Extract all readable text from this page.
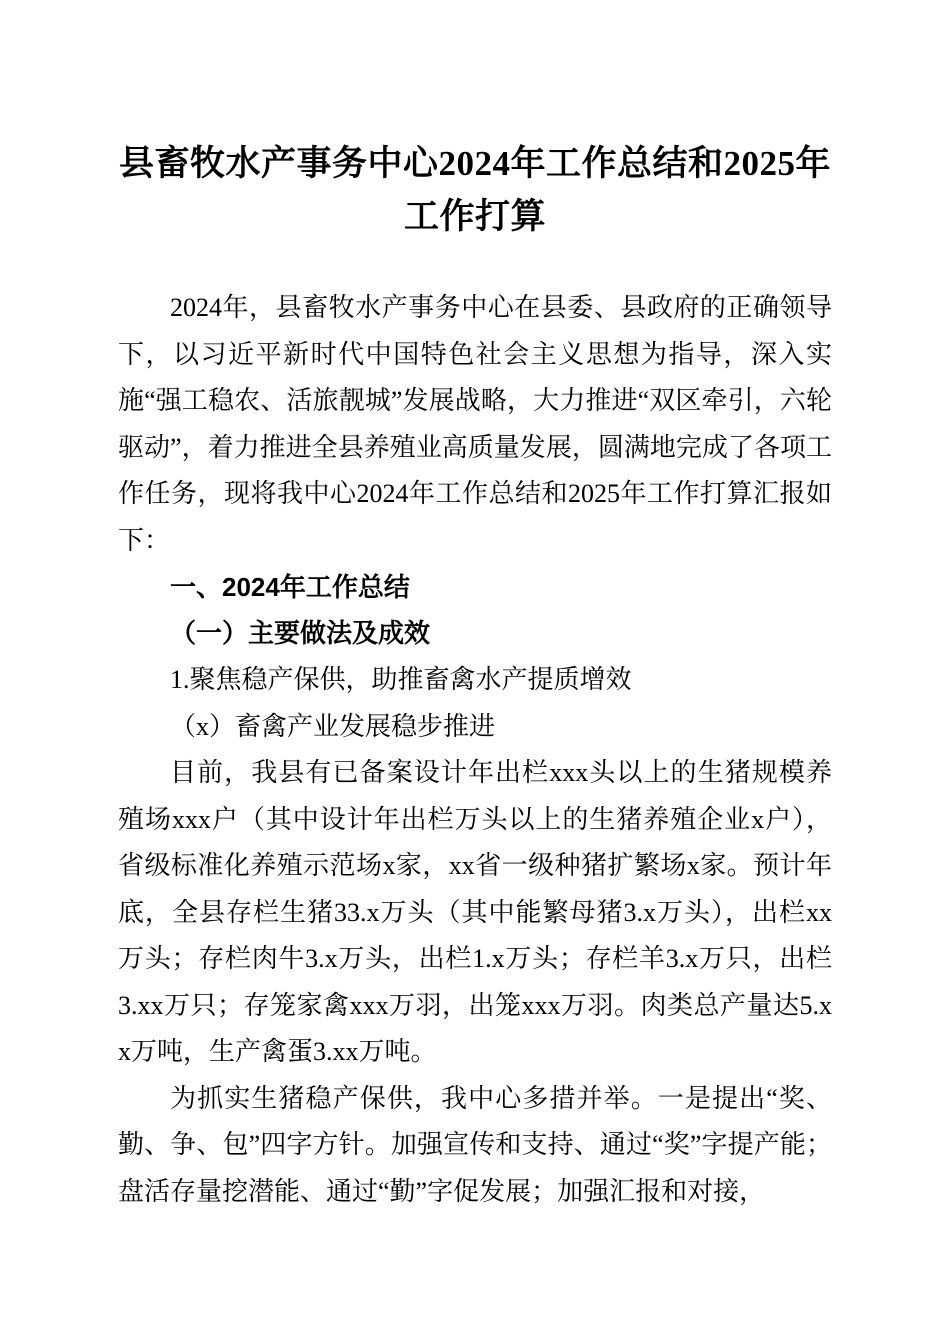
县畜牧水产事务中心2024年工作总结和2025年工作打算

2024年，县畜牧水产事务中心在县委、县政府的正确领导下，以习近平新时代中国特色社会主义思想为指导，深入实施“强工稳农、活旅靓城”发展战略，大力推进“双区牵引，六轮驱动”，着力推进全县养殖业高质量发展，圆满地完成了各项工作任务，现将我中心2024年工作总结和2025年工作打算汇报如下：

一、2024年工作总结

（一）主要做法及成效

1.聚焦稳产保供，助推畜禽水产提质增效

（x）畜禽产业发展稳步推进

目前，我县有已备案设计年出栏xxx头以上的生猪规模养殖场xxx户（其中设计年出栏万头以上的生猪养殖企业x户），省级标准化养殖示范场x家，xx省一级种猪扩繁场x家。预计年底，全县存栏生猪33.x万头（其中能繁母猪3.x万头），出栏xx万头；存栏肉牛3.x万头，出栏1.x万头；存栏羊3.x万只，出栏3.xx万只；存笼家禽xxx万羽，出笼xxx万羽。肉类总产量达5.xx万吨，生产禽蛋3.xx万吨。

为抓实生猪稳产保供，我中心多措并举。一是提出“奖、勤、争、包”四字方针。加强宣传和支持、通过“奖”字提产能；盘活存量挖潜能、通过“勤”字促发展；加强汇报和对接，
